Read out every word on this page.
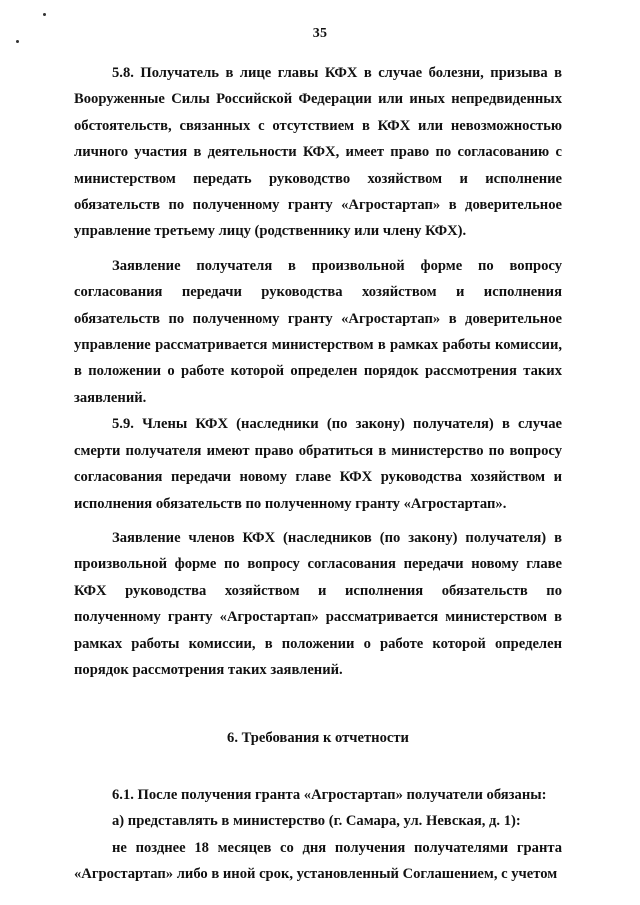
35

5.8. Получатель в лице главы КФХ в случае болезни, призыва в Вооруженные Силы Российской Федерации или иных непредвиденных обстоятельств, связанных с отсутствием в КФХ или невозможностью личного участия в деятельности КФХ, имеет право по согласованию с министерством передать руководство хозяйством и исполнение обязательств по полученному гранту «Агростартап» в доверительное управление третьему лицу (родственнику или члену КФХ).

Заявление получателя в произвольной форме по вопросу согласования передачи руководства хозяйством и исполнения обязательств по полученному гранту «Агростартап» в доверительное управление рассматривается министерством в рамках работы комиссии, в положении о работе которой определен порядок рассмотрения таких заявлений.

5.9. Члены КФХ (наследники (по закону) получателя) в случае смерти получателя имеют право обратиться в министерство по вопросу согласования передачи новому главе КФХ руководства хозяйством и исполнения обязательств по полученному гранту «Агростартап».

Заявление членов КФХ (наследников (по закону) получателя) в произвольной форме по вопросу согласования передачи новому главе КФХ руководства хозяйством и исполнения обязательств по полученному гранту «Агростартап» рассматривается министерством в рамках работы комиссии, в положении о работе которой определен порядок рассмотрения таких заявлений.

6. Требования к отчетности

6.1. После получения гранта «Агростартап» получатели обязаны:

а) представлять в министерство (г. Самара, ул. Невская, д. 1):

не позднее 18 месяцев со дня получения получателями гранта «Агростартап» либо в иной срок, установленный Соглашением, с учетом
